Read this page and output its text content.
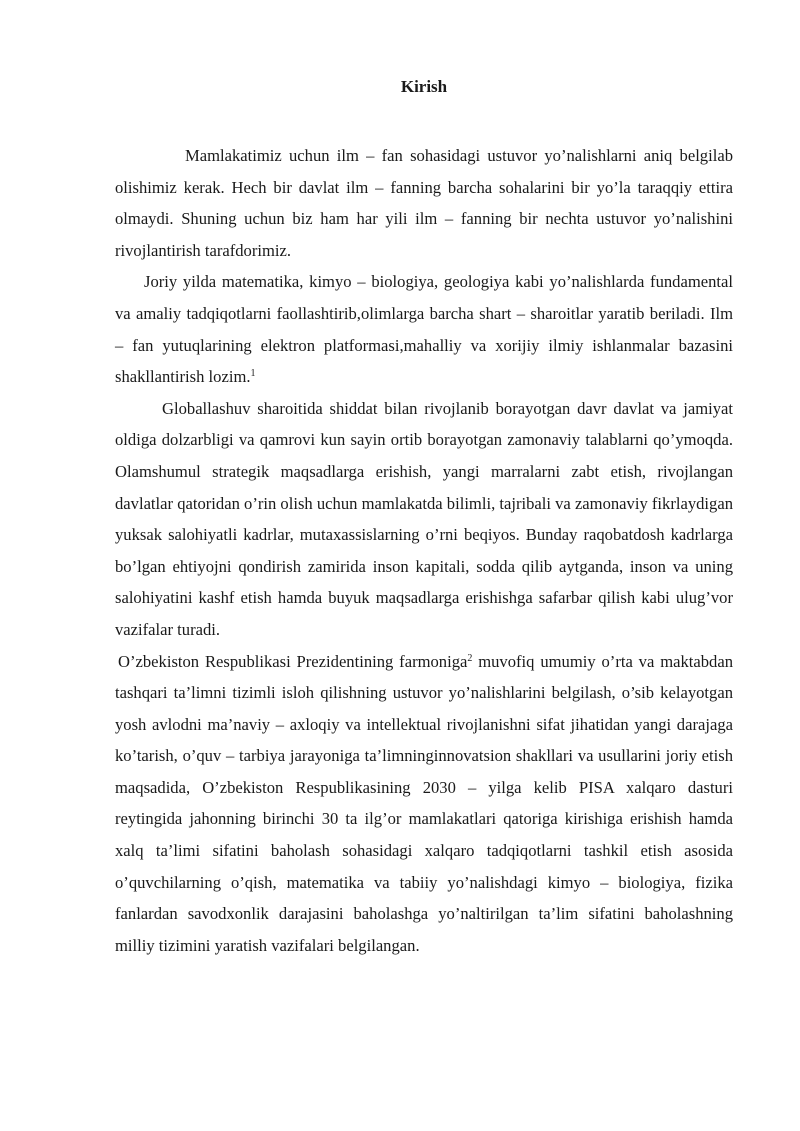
Kirish

Mamlakatimiz uchun ilm – fan sohasidagi ustuvor yo’nalishlarni aniq belgilab olishimiz kerak. Hech bir davlat ilm – fanning barcha sohalarini bir yo’la taraqqiy ettira olmaydi. Shuning uchun biz ham har yili ilm – fanning bir nechta ustuvor yo’nalishini rivojlantirish tarafdorimiz.

Joriy yilda matematika, kimyo – biologiya, geologiya kabi yo’nalishlarda fundamental va amaliy tadqiqotlarni faollashtirib,olimlarga barcha shart – sharoitlar yaratib beriladi. Ilm – fan yutuqlarining elektron platformasi,mahalliy va xorijiy ilmiy ishlanmalar bazasini shakllantirish lozim.$^1$

Globallashuv sharoitida shiddat bilan rivojlanib borayotgan davr davlat va jamiyat oldiga dolzarbligi va qamrovi kun sayin ortib borayotgan zamonaviy talablarni qo’ymoqda. Olamshumul strategik maqsadlarga erishish, yangi marralarni zabt etish, rivojlangan davlatlar qatoridan o’rin olish uchun mamlakatda bilimli, tajribali va zamonaviy fikrlaydigan yuksak salohiyatli kadrlar, mutaxassislarning o’rni beqiyos. Bunday raqobatdosh kadrlarga bo’lgan ehtiyojni qondirish zamirida inson kapitali, sodda qilib aytganda, inson va uning salohiyatini kashf etish hamda buyuk maqsadlarga erishishga safarbar qilish kabi ulug’vor vazifalar turadi.

O’zbekiston Respublikasi Prezidentining farmoniga$^2$ muvofiq umumiy o’rta va maktabdan tashqari ta’limni tizimli isloh qilishning ustuvor yo’nalishlarini belgilash, o’sib kelayotgan yosh avlodni ma’naviy – axloqiy va intellektual rivojlanishni sifat jihatidan yangi darajaga ko’tarish, o’quv – tarbiya jarayoniga ta’limninginnovatsion shakllari va usullarini joriy etish maqsadida, O’zbekiston Respublikasining 2030 – yilga kelib PISA xalqaro dasturi reytingida jahonning birinchi 30 ta ilg’or mamlakatlari qatoriga kirishiga erishish hamda xalq ta’limi sifatini baholash sohasidagi xalqaro tadqiqotlarni tashkil etish asosida o’quvchilarning o’qish, matematika va tabiiy yo’nalishdagi kimyo – biologiya, fizika fanlardan savodxonlik darajasini baholashga yo’naltirilgan ta’lim sifatini baholashning milliy tizimini yaratish vazifalari belgilangan.
